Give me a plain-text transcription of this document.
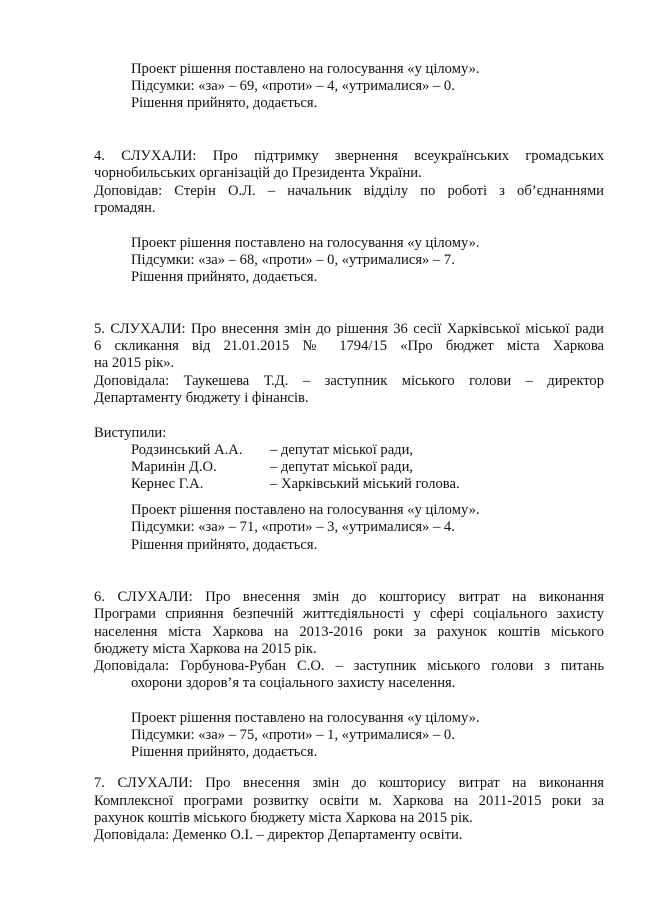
Проект рішення поставлено на голосування «у цілому».
Підсумки: «за» – 69, «проти» – 4, «утрималися» – 0.
Рішення прийнято, додається.
4. СЛУХАЛИ: Про підтримку звернення всеукраїнських громадських
чорнобильських організацій до Президента України.
Доповідав: Стерін О.Л. – начальник відділу по роботі з об’єднаннями
громадян.
Проект рішення поставлено на голосування «у цілому».
Підсумки: «за» – 68, «проти» – 0, «утрималися» – 7.
Рішення прийнято, додається.
5. СЛУХАЛИ: Про внесення змін до рішення 36 сесії Харківської міської ради
6 скликання від 21.01.2015 № 1794/15 «Про бюджет міста Харкова
на 2015 рік».
Доповідала: Таукешева Т.Д. – заступник міського голови – директор
Департаменту бюджету і фінансів.
Виступили:
Родзинський А.А. – депутат міської ради,
Маринін Д.О.	– депутат міської ради,
Кернес Г.А.	– Харківський міський голова.
Проект рішення поставлено на голосування «у цілому».
Підсумки: «за» – 71, «проти» – 3, «утрималися» – 4.
Рішення прийнято, додається.
6. СЛУХАЛИ: Про внесення змін до кошторису витрат на виконання
Програми сприяння безпечній життєдіяльності у сфері соціального захисту
населення міста Харкова на 2013-2016 роки за рахунок коштів міського
бюджету міста Харкова на 2015 рік.
Доповідала: Горбунова-Рубан С.О. – заступник міського голови з питань
охорони здоров’я та соціального захисту населення.
Проект рішення поставлено на голосування «у цілому».
Підсумки: «за» – 75, «проти» – 1, «утрималися» – 0.
Рішення прийнято, додається.
7. СЛУХАЛИ: Про внесення змін до кошторису витрат на виконання
Комплексної програми розвитку освіти м. Харкова на 2011-2015 роки за
рахунок коштів міського бюджету міста Харкова на 2015 рік.
Доповідала: Деменко О.І. – директор Департаменту освіти.
